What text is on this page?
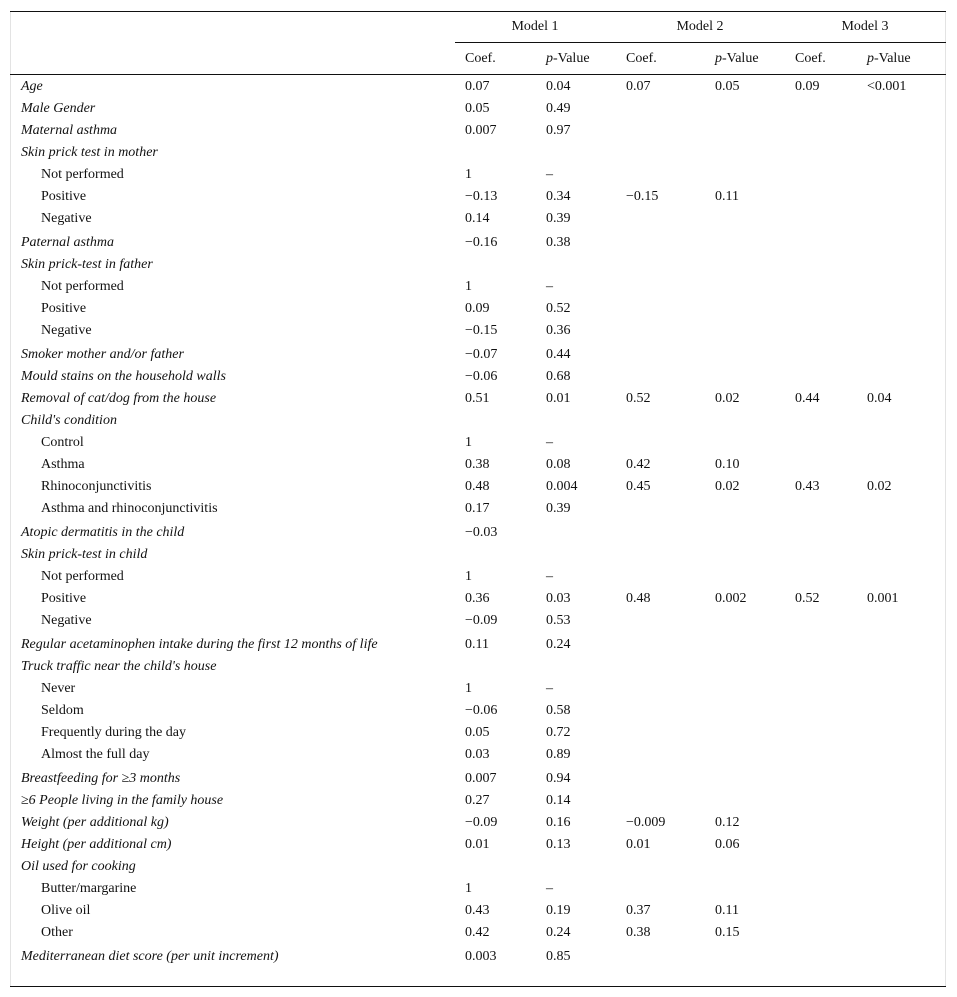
Model 1	Model 2	Model 3
Coef.	p-Value	Coef.	p-Value	Coef.	p-Value
Age	0.07	0.04	0.07	0.05	0.09	<0.001
Male Gender	0.05	0.49
Maternal asthma	0.007	0.97
Skin prick test in mother
Not performed	1	–
Positive	−0.13	0.34	−0.15	0.11
Negative	0.14	0.39
Paternal asthma	−0.16	0.38
Skin prick-test in father
Not performed	1	–
Positive	0.09	0.52
Negative	−0.15	0.36
Smoker mother and/or father	−0.07	0.44
Mould stains on the household walls	−0.06	0.68
Removal of cat/dog from the house	0.51	0.01	0.52	0.02	0.44	0.04
Child's condition
Control	1	–
Asthma	0.38	0.08	0.42	0.10
Rhinoconjunctivitis	0.48	0.004	0.45	0.02	0.43	0.02
Asthma and rhinoconjunctivitis	0.17	0.39
Atopic dermatitis in the child	−0.03
Skin prick-test in child
Not performed	1	–
Positive	0.36	0.03	0.48	0.002	0.52	0.001
Negative	−0.09	0.53
Regular acetaminophen intake during the first 12 months of life	0.11	0.24
Truck traffic near the child's house
Never	1	–
Seldom	−0.06	0.58
Frequently during the day	0.05	0.72
Almost the full day	0.03	0.89
Breastfeeding for ≥3 months	0.007	0.94
≥6 People living in the family house	0.27	0.14
Weight (per additional kg)	−0.09	0.16	−0.009	0.12
Height (per additional cm)	0.01	0.13	0.01	0.06
Oil used for cooking
Butter/margarine	1	–
Olive oil	0.43	0.19	0.37	0.11
Other	0.42	0.24	0.38	0.15
Mediterranean diet score (per unit increment)	0.003	0.85
